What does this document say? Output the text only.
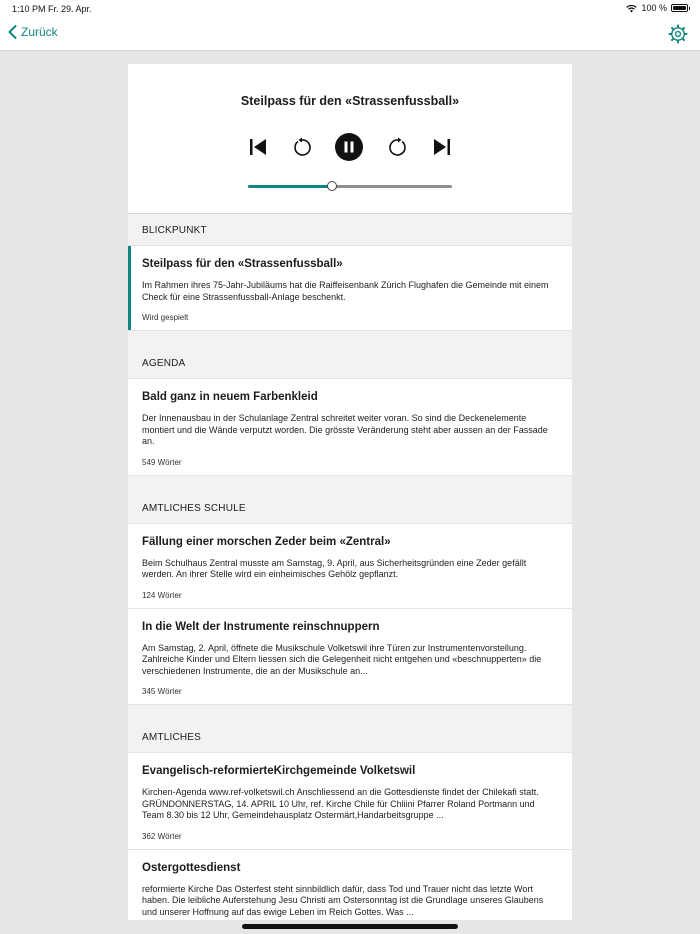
1:10 PM Fr. 29. Apr.	100 %
Zurück
Steilpass für den «Strassenfussball»
BLICKPUNKT
Steilpass für den «Strassenfussball»
Im Rahmen ihres 75-Jahr-Jubiläums hat die Raiffeisenbank Zürich Flughafen die Gemeinde mit einem Check für eine Strassenfussball-Anlage beschenkt.
Wird gespielt
AGENDA
Bald ganz in neuem Farbenkleid
Der Innenausbau in der Schulanlage Zentral schreitet weiter voran. So sind die Deckenelemente montiert und die Wände verputzt worden. Die grösste Veränderung steht aber aussen an der Fassade an.
549 Wörter
AMTLICHES SCHULE
Fällung einer morschen Zeder beim «Zentral»
Beim Schulhaus Zentral musste am Samstag, 9. April, aus Sicherheitsgründen eine Zeder gefällt werden. An ihrer Stelle wird ein einheimisches Gehölz gepflanzt.
124 Wörter
In die Welt der Instrumente reinschnuppern
Am Samstag, 2. April, öffnete die Musikschule Volketswil ihre Türen zur Instrumentenvorstellung. Zahlreiche Kinder und Eltern liessen sich die Gelegenheit nicht entgehen und «beschnupperten» die verschiedenen Instrumente, die an der Musikschule an...
345 Wörter
AMTLICHES
Evangelisch-reformierteKirchgemeinde Volketswil
Kirchen-Agenda www.ref-volketswil.ch Anschliessend an die Gottesdienste findet der Chilekafi statt. GRÜNDONNERSTAG, 14. APRIL 10 Uhr, ref. Kirche Chile für Chliini Pfarrer Roland Portmann und Team 8.30 bis 12 Uhr, Gemeindehausplatz Ostermärt,Handarbeitsgruppe ...
362 Wörter
Ostergottesdienst
reformierte Kirche Das Osterfest steht sinnbildlich dafür, dass Tod und Trauer nicht das letzte Wort haben. Die leibliche Auferstehung Jesu Christi am Ostersonntag ist die Grundlage unseres Glaubens und unserer Hoffnung auf das ewige Leben im Reich Gottes. Was ...
